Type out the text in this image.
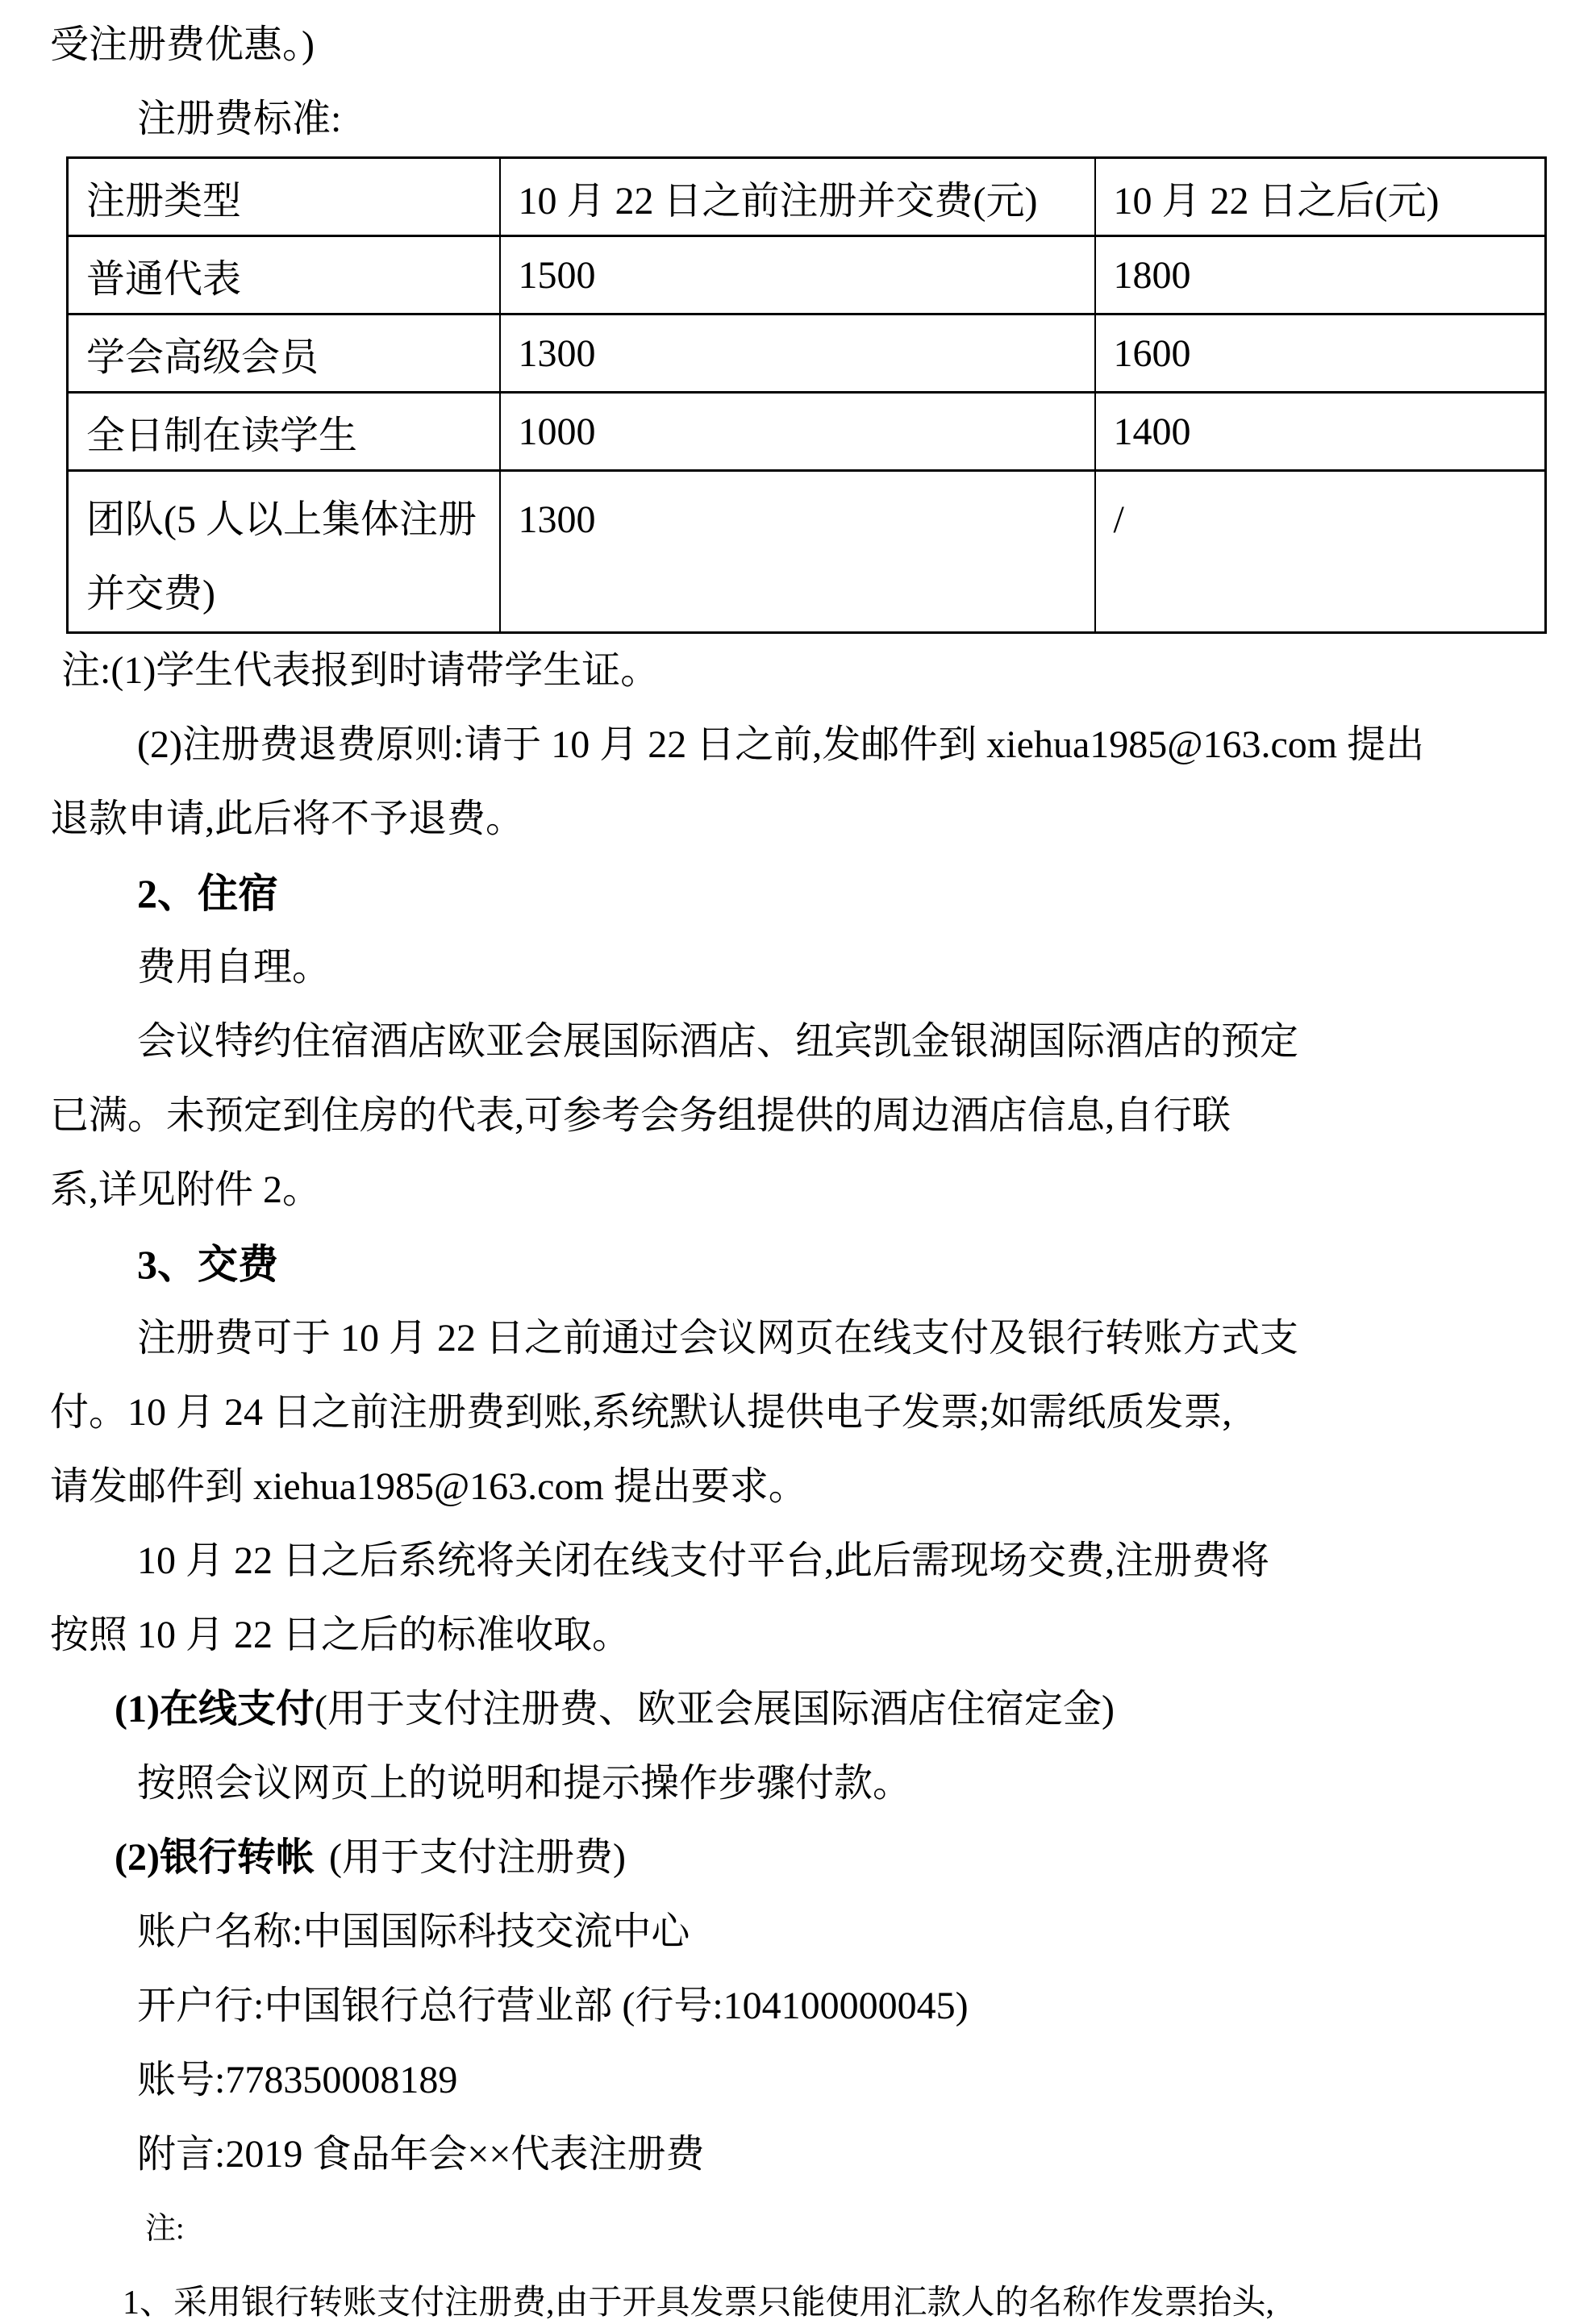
受注册费优惠。)
注册费标准:
注册类型	10 月 22 日之前注册并交费(元)	10 月 22 日之后(元)
普通代表	1500	1800
学会高级会员	1300	1600
全日制在读学生	1000	1400
团队(5 人以上集体注册并交费)	1300	/
注:(1)学生代表报到时请带学生证。
(2)注册费退费原则:请于 10 月 22 日之前,发邮件到 xiehua1985@163.com 提出
退款申请,此后将不予退费。
2、住宿
费用自理。
会议特约住宿酒店欧亚会展国际酒店、纽宾凯金银湖国际酒店的预定
已满。未预定到住房的代表,可参考会务组提供的周边酒店信息,自行联
系,详见附件 2。
3、交费
注册费可于 10 月 22 日之前通过会议网页在线支付及银行转账方式支
付。10 月 24 日之前注册费到账,系统默认提供电子发票;如需纸质发票,
请发邮件到 xiehua1985@163.com 提出要求。
10 月 22 日之后系统将关闭在线支付平台,此后需现场交费,注册费将
按照 10 月 22 日之后的标准收取。
(1)在线支付(用于支付注册费、欧亚会展国际酒店住宿定金)
按照会议网页上的说明和提示操作步骤付款。
(2)银行转帐 (用于支付注册费)
账户名称:中国国际科技交流中心
开户行:中国银行总行营业部 (行号:104100000045)
账号:778350008189
附言:2019 食品年会××代表注册费
注:
1、采用银行转账支付注册费,由于开具发票只能使用汇款人的名称作发票抬头,
